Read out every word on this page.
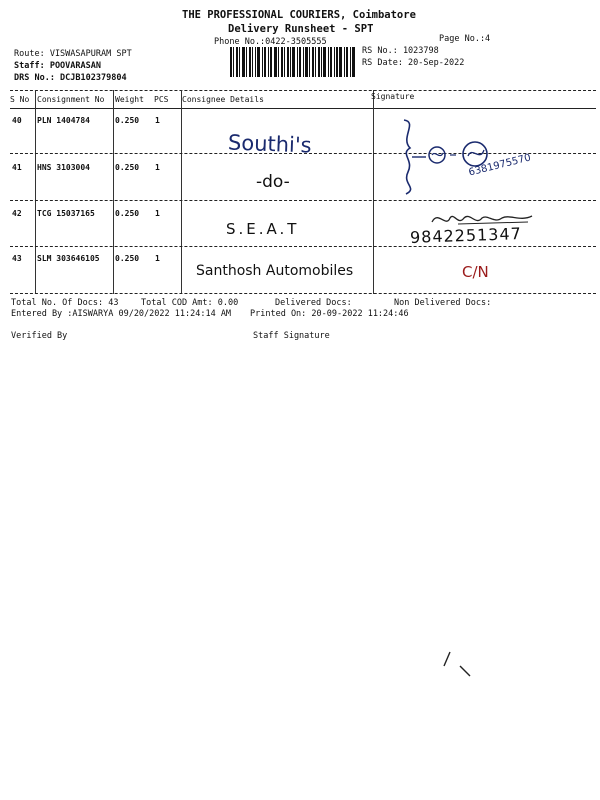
THE PROFESSIONAL COURIERS, Coimbatore
Delivery Runsheet - SPT
Phone No.:0422-3505555	Page No.:4
Route: VISWASAPURAM SPT
Staff: POOVARASAN
DRS No.: DCJB102379804
RS No.: 1023798
RS Date: 20-Sep-2022
S No Consignment No Weight PCS Consignee Details	Signature
40 PLN 1404784	0.250 1
Southi's
6381975570
41 HNS 3103004	0.250 1
-do-
42 TCG 15037165	0.250 1
S.E.A.T	9842251347
43 SLM 303646105 0.250 1
Santhosh Automobiles	C/N
Total No. Of Docs: 43	Total COD Amt: 0.00	Delivered Docs:	Non Delivered Docs:
Entered By :AISWARYA 09/20/2022 11:24:14 AM Printed On: 20-09-2022 11:24:46
Verified By	Staff Signature
